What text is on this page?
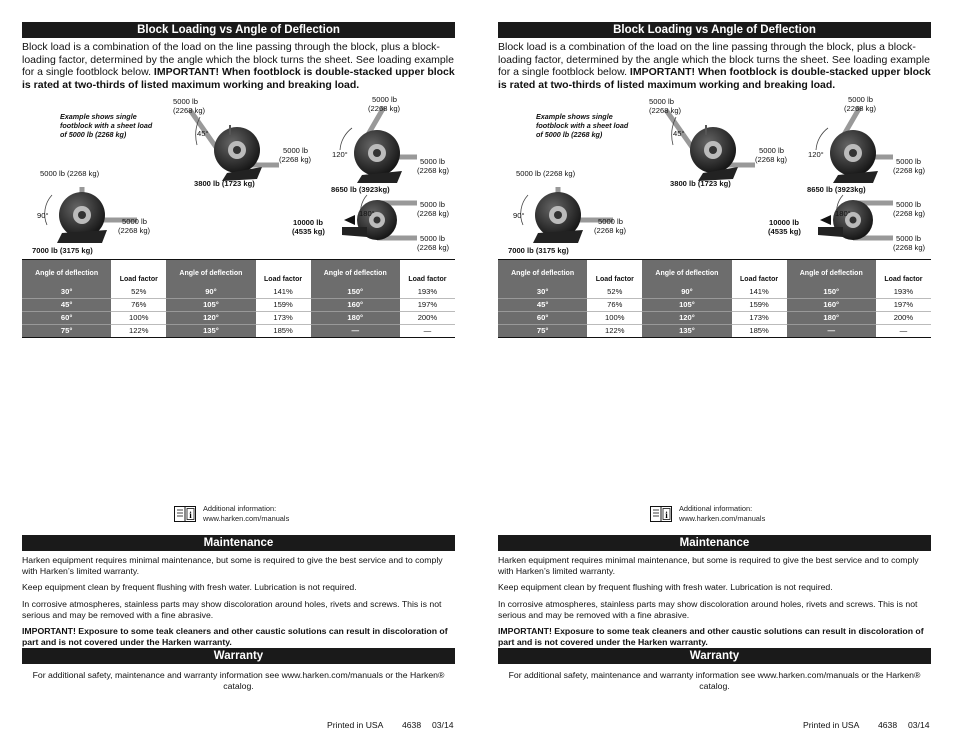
Block Loading vs Angle of Deflection
Block load is a combination of the load on the line passing through the block, plus a block-loading factor, determined by the angle which the block turns the sheet. See loading example for a single footblock below. IMPORTANT! When footblock is double-stacked upper block is rated at two-thirds of listed maximum working and breaking load.
Example shows single footblock with a sheet load of 5000 lb (2268 kg)
5000 lb
(2268 kg)
45°
5000 lb
(2268 kg)
3800 lb (1723 kg)
5000 lb
(2268 kg)
120°
5000 lb
(2268 kg)
8650 lb (3923kg)
5000 lb (2268 kg)
90°
5000 lb
(2268 kg)
7000 lb (3175 kg)
180°
5000 lb
(2268 kg)
5000 lb
(2268 kg)
10000 lb
(4535 kg)
Angle of deflection	Load factor	Angle of deflection	Load factor	Angle of deflection	Load factor
30°	52%	90°	141%	150°	193%
45°	76%	105°	159%	160°	197%
60°	100%	120°	173%	180°	200%
75°	122%	135°	185%	—	—
i
Additional information:
www.harken.com/manuals
Maintenance

Harken equipment requires minimal maintenance, but some is required to give the best service and to comply with Harken’s limited warranty.

Keep equipment clean by frequent flushing with fresh water. Lubrication is not required.

In corrosive atmospheres, stainless parts may show discoloration around holes, rivets and screws. This is not serious and may be removed with a fine abrasive.

IMPORTANT! Exposure to some teak cleaners and other caustic solutions can result in discoloration of part and is not covered under the Harken warranty.

Warranty

For additional safety, maintenance and warranty information see www.harken.com/manuals or the Harken® catalog.

Printed in USA 4638 03/14
Block Loading vs Angle of Deflection
Block load is a combination of the load on the line passing through the block, plus a block-loading factor, determined by the angle which the block turns the sheet. See loading example for a single footblock below. IMPORTANT! When footblock is double-stacked upper block is rated at two-thirds of listed maximum working and breaking load.
Example shows single footblock with a sheet load of 5000 lb (2268 kg)
5000 lb
(2268 kg)
45°
5000 lb
(2268 kg)
3800 lb (1723 kg)
5000 lb
(2268 kg)
120°
5000 lb
(2268 kg)
8650 lb (3923kg)
5000 lb (2268 kg)
90°
5000 lb
(2268 kg)
7000 lb (3175 kg)
180°
5000 lb
(2268 kg)
5000 lb
(2268 kg)
10000 lb
(4535 kg)
Angle of deflection	Load factor	Angle of deflection	Load factor	Angle of deflection	Load factor
30°	52%	90°	141%	150°	193%
45°	76%	105°	159%	160°	197%
60°	100%	120°	173%	180°	200%
75°	122%	135°	185%	—	—
i
Additional information:
www.harken.com/manuals
Maintenance

Harken equipment requires minimal maintenance, but some is required to give the best service and to comply with Harken’s limited warranty.

Keep equipment clean by frequent flushing with fresh water. Lubrication is not required.

In corrosive atmospheres, stainless parts may show discoloration around holes, rivets and screws. This is not serious and may be removed with a fine abrasive.

IMPORTANT! Exposure to some teak cleaners and other caustic solutions can result in discoloration of part and is not covered under the Harken warranty.

Warranty

For additional safety, maintenance and warranty information see www.harken.com/manuals or the Harken® catalog.

Printed in USA 4638 03/14
